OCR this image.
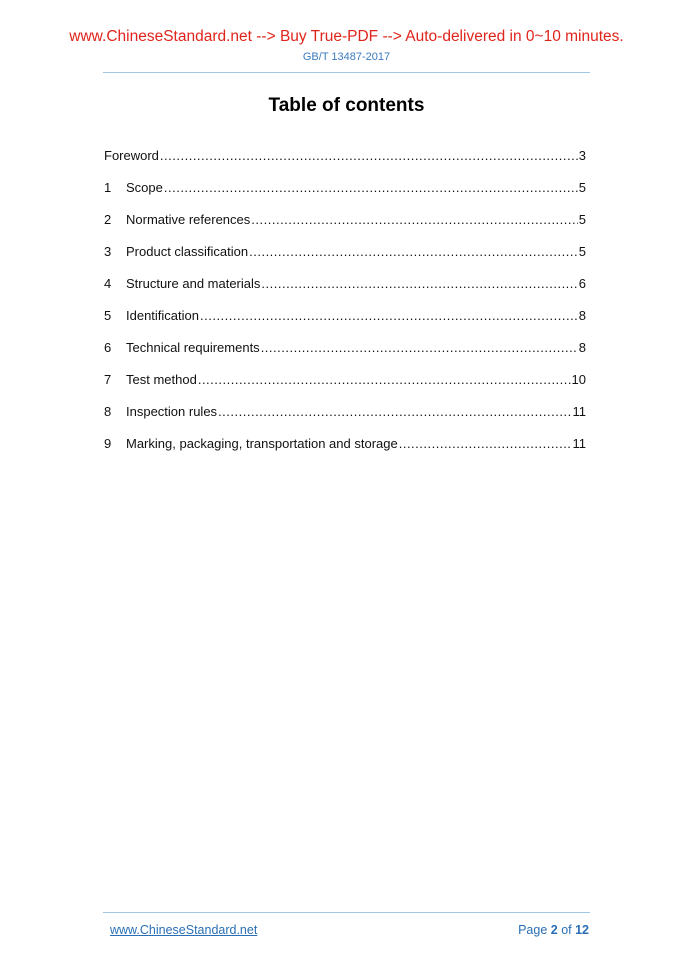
www.ChineseStandard.net --> Buy True-PDF --> Auto-delivered in 0~10 minutes.
GB/T 13487-2017
Table of contents
Foreword .....	3
1	Scope .....	5
2	Normative references .....	5
3	Product classification .....	5
4	Structure and materials .....	6
5	Identification .....	8
6	Technical requirements .....	8
7	Test method .....	10
8	Inspection rules .....	11
9	Marking, packaging, transportation and storage .....	11
www.ChineseStandard.net	Page 2 of 12
